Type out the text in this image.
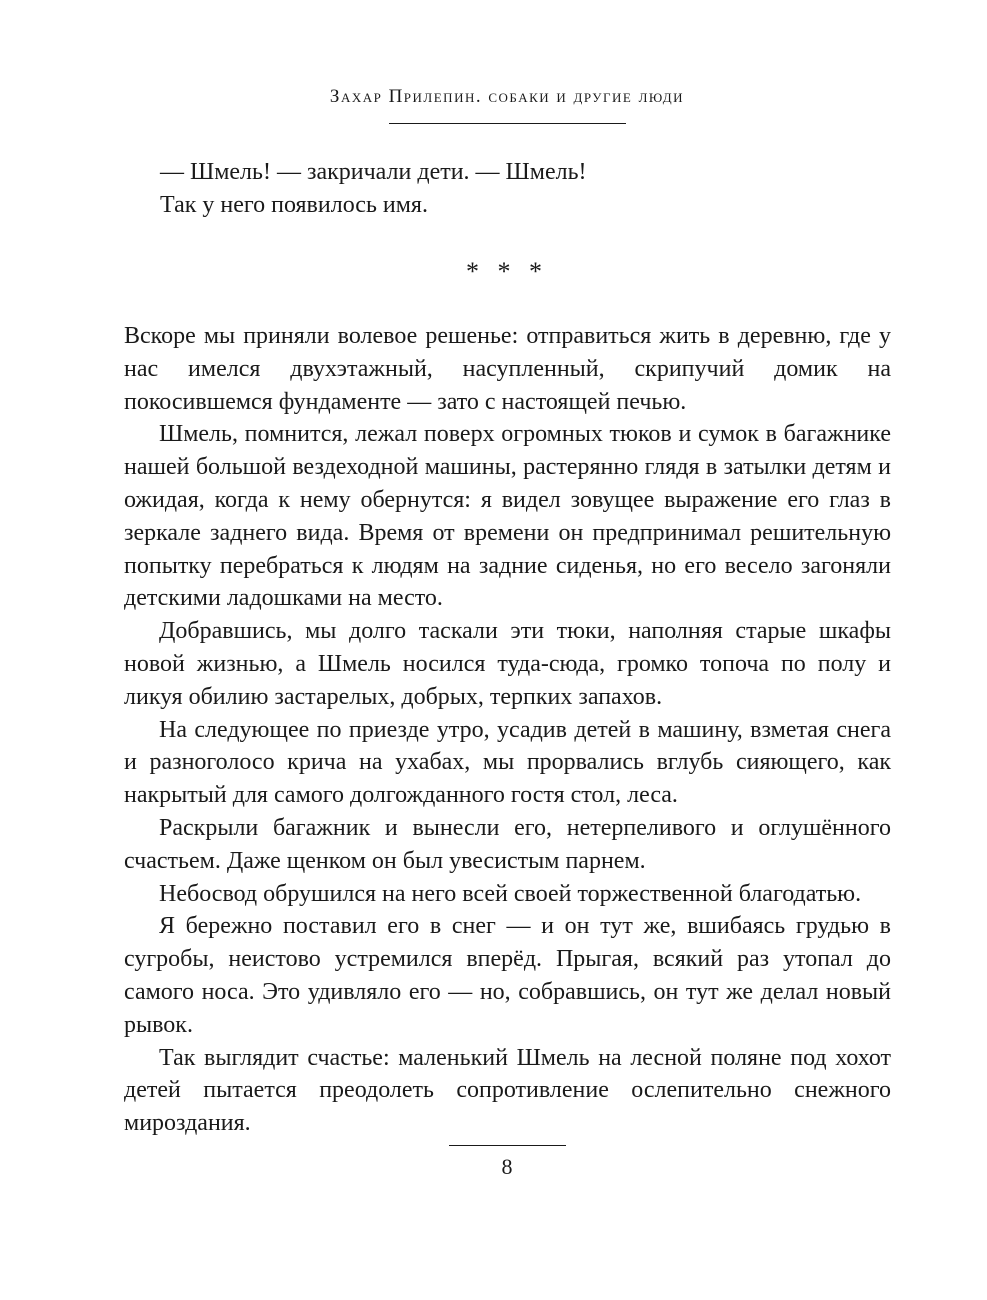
Захар Прилепин. собаки и другие люди

— Шмель! — закричали дети. — Шмель!

Так у него появилось имя.

* * *

Вскоре мы приняли волевое решенье: отправиться жить в деревню, где у нас имелся двухэтажный, насупленный, скрипучий домик на покосившемся фундаменте — зато с настоящей печью.

Шмель, помнится, лежал поверх огромных тюков и сумок в багажнике нашей большой вездеходной машины, растерянно глядя в затылки детям и ожидая, когда к нему обернутся: я видел зовущее выражение его глаз в зеркале заднего вида. Время от времени он предпринимал решительную попытку перебраться к людям на задние сиденья, но его весело загоняли детскими ладошками на место.

Добравшись, мы долго таскали эти тюки, наполняя старые шкафы новой жизнью, а Шмель носился туда-сюда, громко топоча по полу и ликуя обилию застарелых, добрых, терпких запахов.

На следующее по приезде утро, усадив детей в машину, взметая снега и разноголосо крича на ухабах, мы прорвались вглубь сияющего, как накрытый для самого долгожданного гостя стол, леса.

Раскрыли багажник и вынесли его, нетерпеливого и оглушённого счастьем. Даже щенком он был увесистым парнем.

Небосвод обрушился на него всей своей торжественной благодатью.

Я бережно поставил его в снег — и он тут же, вшибаясь грудью в сугробы, неистово устремился вперёд. Прыгая, всякий раз утопал до самого носа. Это удивляло его — но, собравшись, он тут же делал новый рывок.

Так выглядит счастье: маленький Шмель на лесной поляне под хохот детей пытается преодолеть сопротивление ослепительно снежного мироздания.

8
